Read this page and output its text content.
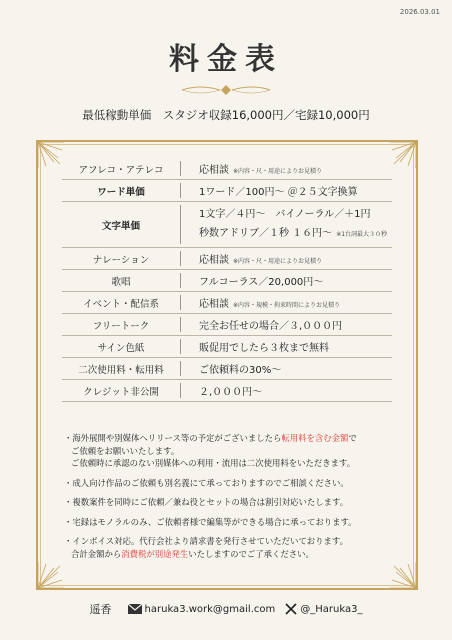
2026.03.01
料金表
最低稼動単価　スタジオ収録16,000円／宅録10,000円
アフレコ・アテレコ	応相談 ※内容・尺・用途によりお見積り
ワード単価	1ワード／100円〜 ＠２５文字換算
文字単価
1文字／４円〜　バイノーラル／＋1円
秒数アドリブ／１秒 １６円〜 ※1台詞最大３０秒
ナレーション	応相談 ※内容・尺・用途によりお見積り
歌唱	フルコーラス／20,000円〜
イベント・配信系	応相談 ※内容・規模・拘束時間によりお見積り
フリートーク	完全お任せの場合／３,０００円
サイン色紙	販促用でしたら３枚まで無料
二次使用料・転用料	ご依頼料の30%〜
クレジット非公開	２,０００円〜
・海外展開や別媒体へリリース等の予定がございましたら転用料を含む金額で
ご依頼をお願いいたします。
ご依頼時に承認のない別媒体への利用・流用は二次使用料をいただきます。
・成人向け作品のご依頼も別名義にて承っておりますのでご相談ください。
・複数案件を同時にご依頼／兼ね役とセットの場合は割引対応いたします。
・宅録はモノラルのみ、ご依頼者様で編集等ができる場合に承っております。
・インボイス対応。代行会社より請求書を発行させていただいております。
合計金額から消費税が別途発生いたしますのでご了承ください。
遥香	haruka3.work@gmail.com	@_Haruka3_
